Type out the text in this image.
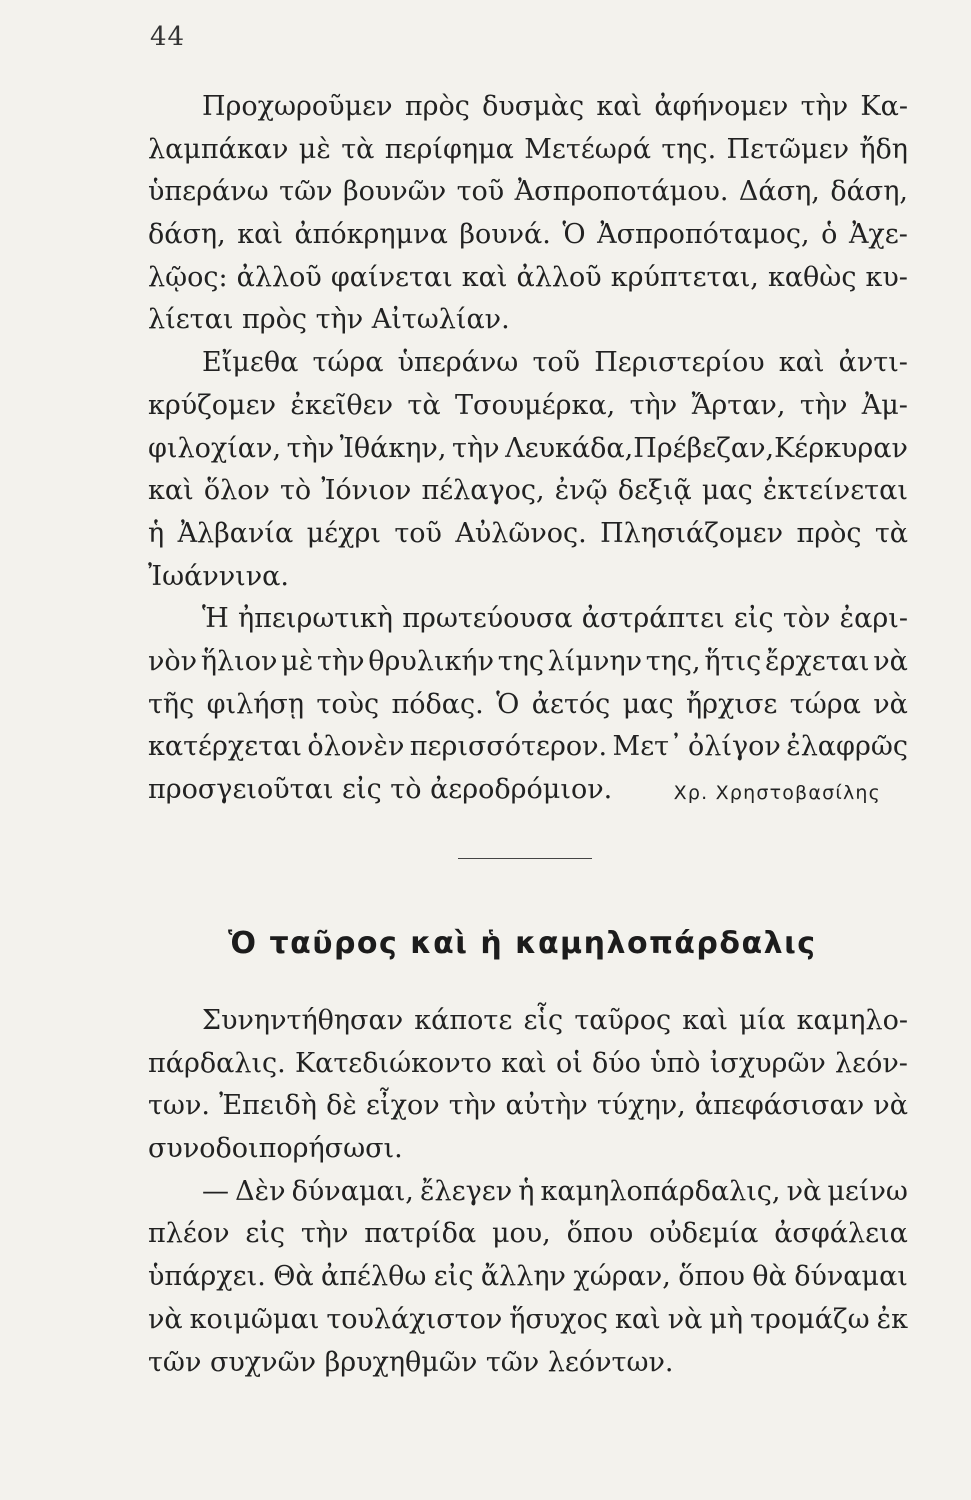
44
Προχωροῦμεν πρὸς δυσμὰς καὶ ἀφήνομεν τὴν Κα-
λαμπάκαν μὲ τὰ περίφημα Μετέωρά της. Πετῶμεν ἤδη
ὑπεράνω τῶν βουνῶν τοῦ Ἀσπροποτάμου. Δάση, δάση,
δάση, καὶ ἀπόκρημνα βουνά. Ὁ Ἀσπροπόταμος, ὁ Ἀχε-
λῷος: ἀλλοῦ φαίνεται καὶ ἀλλοῦ κρύπτεται, καθὼς κυ-
λίεται πρὸς τὴν Αἰτωλίαν.
Εἴμεθα τώρα ὑπεράνω τοῦ Περιστερίου καὶ ἀντι-
κρύζομεν ἐκεῖθεν τὰ Τσουμέρκα, τὴν Ἄρταν, τὴν Ἀμ-
φιλοχίαν, τὴν Ἰθάκην, τὴν Λευκάδα,Πρέβεζαν,Κέρκυραν
καὶ ὅλον τὸ Ἰόνιον πέλαγος, ἐνῷ δεξιᾷ μας ἐκτείνεται
ἡ Ἀλβανία μέχρι τοῦ Αὐλῶνος. Πλησιάζομεν πρὸς τὰ
Ἰωάννινα.
Ἡ ἠπειρωτικὴ πρωτεύουσα ἀστράπτει εἰς τὸν ἐαρι-
νὸν ἥλιον μὲ τὴν θρυλικήν της λίμνην της, ἥτις ἔρχεται νὰ
τῆς φιλήσῃ τοὺς πόδας. Ὁ ἀετός μας ἤρχισε τώρα νὰ
κατέρχεται ὁλονὲν περισσότερον. Μετ᾽ ὀλίγον ἐλαφρῶς
προσγειοῦται εἰς τὸ ἀεροδρόμιον.	Χρ. Χρηστοβασίλης
Ὁ ταῦρος καὶ ἡ καμηλοπάρδαλις
Συνηντήθησαν κάποτε εἷς ταῦρος καὶ μία καμηλο-
πάρδαλις. Κατεδιώκοντο καὶ οἱ δύο ὑπὸ ἰσχυρῶν λεόν-
των. Ἐπειδὴ δὲ εἶχον τὴν αὐτὴν τύχην, ἀπεφάσισαν νὰ
συνοδοιπορήσωσι.
— Δὲν δύναμαι, ἔλεγεν ἡ καμηλοπάρδαλις, νὰ μείνω
πλέον εἰς τὴν πατρίδα μου, ὅπου οὐδεμία ἀσφάλεια
ὑπάρχει. Θὰ ἀπέλθω εἰς ἄλλην χώραν, ὅπου θὰ δύναμαι
νὰ κοιμῶμαι τουλάχιστον ἥσυχος καὶ νὰ μὴ τρομάζω ἐκ
τῶν συχνῶν βρυχηθμῶν τῶν λεόντων.
